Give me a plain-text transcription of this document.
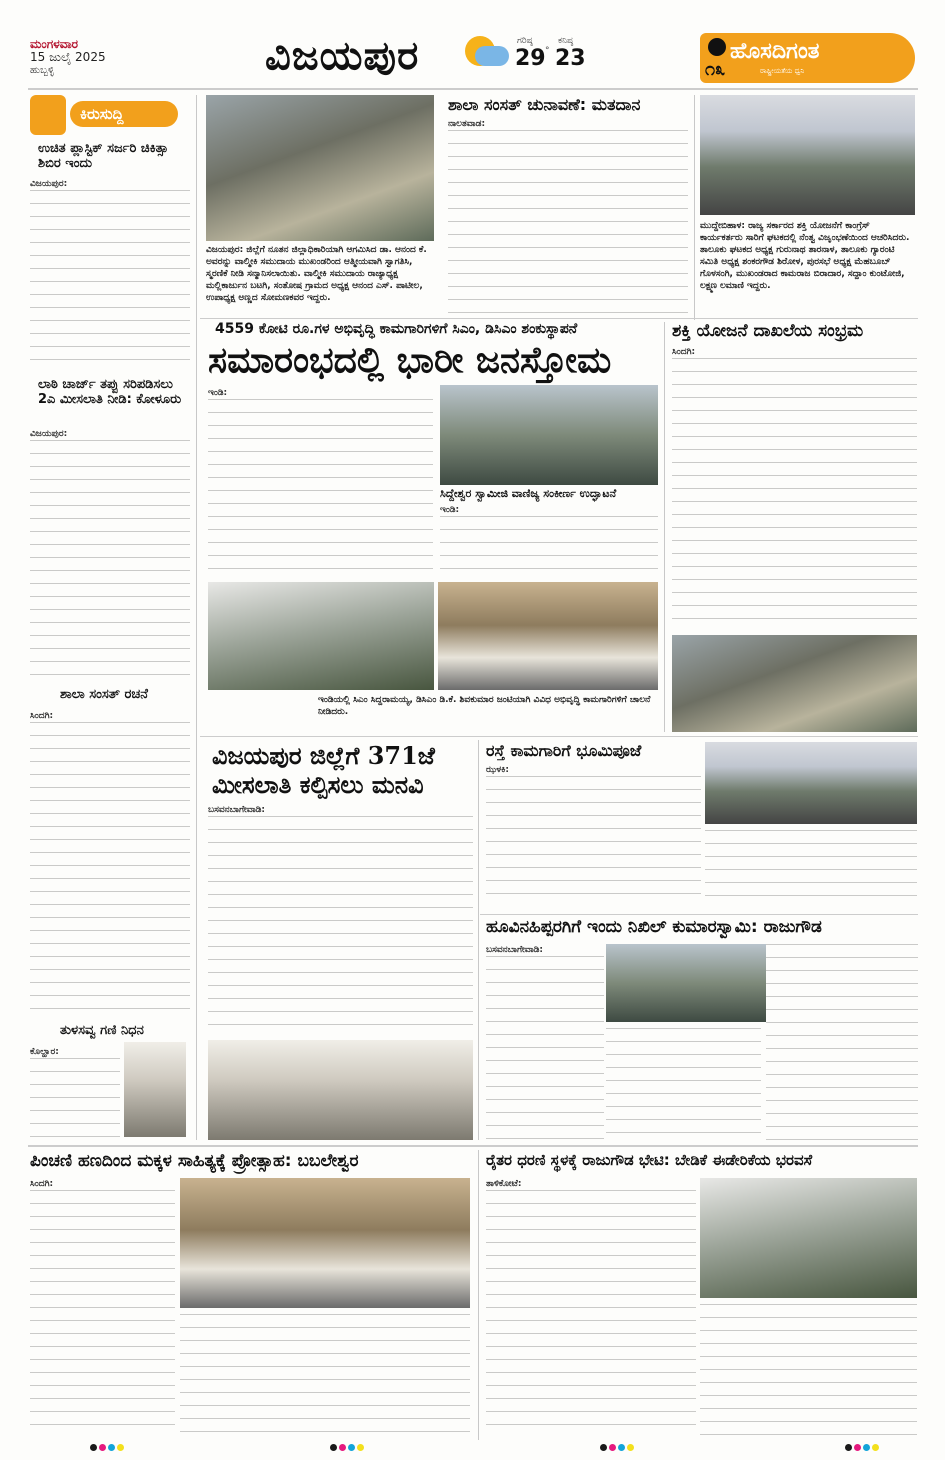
ಮಂಗಳವಾರ
15 ಜುಲೈ 2025
ಹುಬ್ಬಳ್ಳಿ	ವಿಜಯಪುರ	ಗರಿಷ್ಠ
29 °
ಕನಿಷ್ಠ
23	ಹೊಸದಿಗಂತ
೧೩	ರಾಷ್ಟ್ರೀಯತೆಯ ಧ್ವನಿ
ಕಿರುಸುದ್ದಿ
ಉಚಿತ ಪ್ಲಾಸ್ಟಿಕ್ ಸರ್ಜರಿ ಚಿಕಿತ್ಸಾ ಶಿಬಿರ ಇಂದು
ವಿಜಯಪುರ:
ಲಾಠಿ ಚಾರ್ಜ್ ತಪ್ಪು ಸರಿಪಡಿಸಲು 2ಎ ಮೀಸಲಾತಿ ನೀಡಿ: ಕೋಳೂರು
ವಿಜಯಪುರ:
ಶಾಲಾ ಸಂಸತ್ ರಚನೆ
ಸಿಂದಗಿ:
ತುಳಸವ್ವ ಗಣಿ ನಿಧನ
ಕೊಲ್ಹಾರ:
ವಿಜಯಪುರ: ಜಿಲ್ಲೆಗೆ ನೂತನ ಜಿಲ್ಲಾಧಿಕಾರಿಯಾಗಿ ಆಗಮಿಸಿದ ಡಾ. ಆನಂದ ಕೆ. ಅವರನ್ನು ವಾಲ್ಮೀಕಿ ಸಮುದಾಯ ಮುಖಂಡರಿಂದ ಆತ್ಮೀಯವಾಗಿ ಸ್ವಾಗತಿಸಿ, ಸ್ಮರಣಿಕೆ ನೀಡಿ ಸನ್ಮಾನಿಸಲಾಯಿತು. ವಾಲ್ಮೀಕಿ ಸಮುದಾಯ ರಾಜ್ಯಾಧ್ಯಕ್ಷ ಮಲ್ಲಿಕಾರ್ಜುನ ಬಟಗಿ, ಸಂತೋಷ ಗ್ರಾಮದ ಅಧ್ಯಕ್ಷ ಆನಂದ ಎಸ್. ಪಾಟೀಲ, ಉಪಾಧ್ಯಕ್ಷ ಅಣ್ಣದ ಸೋಮಣಕವರ ಇದ್ದರು.
ಶಾಲಾ ಸಂಸತ್ ಚುನಾವಣೆ: ಮತದಾನ
ನಾಲತವಾಡ:
ಮುದ್ದೇಬಿಹಾಳ: ರಾಜ್ಯ ಸರ್ಕಾರದ ಶಕ್ತಿ ಯೋಜನೆಗೆ ಕಾಂಗ್ರೆಸ್ ಕಾರ್ಯಕರ್ತರು ಸಾರಿಗೆ ಘಟಕದಲ್ಲಿ ನೆಂತ್ವ ವಿಜೃಂಭಣೆಯಿಂದ ಆಚರಿಸಿದರು. ತಾಲೂಕು ಘಟಕದ ಅಧ್ಯಕ್ಷ ಗುರುನಾಥ ತಾರನಾಳ, ತಾಲೂಕು ಗ್ಯಾರಂಟಿ ಸಮಿತಿ ಅಧ್ಯಕ್ಷ ಶಂಕರಗೌಡ ಶಿರೋಳ, ಪುರಸಭೆ ಅಧ್ಯಕ್ಷ ಮೆಹಬೂಬ್ ಗೊಳಸಂಗಿ, ಮುಖಂಡರಾದ ಕಾಮರಾಜ ಬಿರಾದಾರ, ಸದ್ದಾಂ ಕುಂಟೋಜಿ, ಲಕ್ಷ್ಮಣ ಲಮಾಣಿ ಇದ್ದರು.
4559 ಕೋಟಿ ರೂ.ಗಳ ಅಭಿವೃದ್ಧಿ ಕಾಮಗಾರಿಗಳಿಗೆ ಸಿಎಂ, ಡಿಸಿಎಂ ಶಂಕುಸ್ಥಾಪನೆ
ಸಮಾರಂಭದಲ್ಲಿ ಭಾರೀ ಜನಸ್ತೋಮ
ಇಂಡಿ:
ಸಿದ್ದೇಶ್ವರ ಸ್ವಾಮೀಜಿ ವಾಣಿಜ್ಯ ಸಂಕೀರ್ಣ ಉದ್ಘಾಟನೆ
ಇಂಡಿ:
ಇಂಡಿಯಲ್ಲಿ ಸಿಎಂ ಸಿದ್ದರಾಮಯ್ಯ, ಡಿಸಿಎಂ ಡಿ.ಕೆ. ಶಿವಕುಮಾರ ಜಂಟಿಯಾಗಿ ವಿವಿಧ ಅಭಿವೃದ್ಧಿ ಕಾಮಗಾರಿಗಳಿಗೆ ಚಾಲನೆ ನೀಡಿದರು.
ಶಕ್ತಿ ಯೋಜನೆ ದಾಖಲೆಯ ಸಂಭ್ರಮ
ಸಿಂದಗಿ:
ವಿಜಯಪುರ ಜಿಲ್ಲೆಗೆ 371ಜೆ ಮೀಸಲಾತಿ ಕಲ್ಪಿಸಲು ಮನವಿ
ಬಸವನಬಾಗೇವಾಡಿ:
ರಸ್ತೆ ಕಾಮಗಾರಿಗೆ ಭೂಮಿಪೂಜೆ
ಝಳಕಿ:
ಹೂವಿನಹಿಪ್ಪರಗಿಗೆ ಇಂದು ನಿಖಿಲ್ ಕುಮಾರಸ್ವಾಮಿ: ರಾಜುಗೌಡ
ಬಸವನಬಾಗೇವಾಡಿ:
ಪಿಂಚಣಿ ಹಣದಿಂದ ಮಕ್ಕಳ ಸಾಹಿತ್ಯಕ್ಕೆ ಪ್ರೋತ್ಸಾಹ: ಬಬಲೇಶ್ವರ
ಸಿಂದಗಿ:
ರೈತರ ಧರಣಿ ಸ್ಥಳಕ್ಕೆ ರಾಜುಗೌಡ ಭೇಟಿ: ಬೇಡಿಕೆ ಈಡೇರಿಕೆಯ ಭರವಸೆ
ತಾಳಿಕೋಟೆ:
